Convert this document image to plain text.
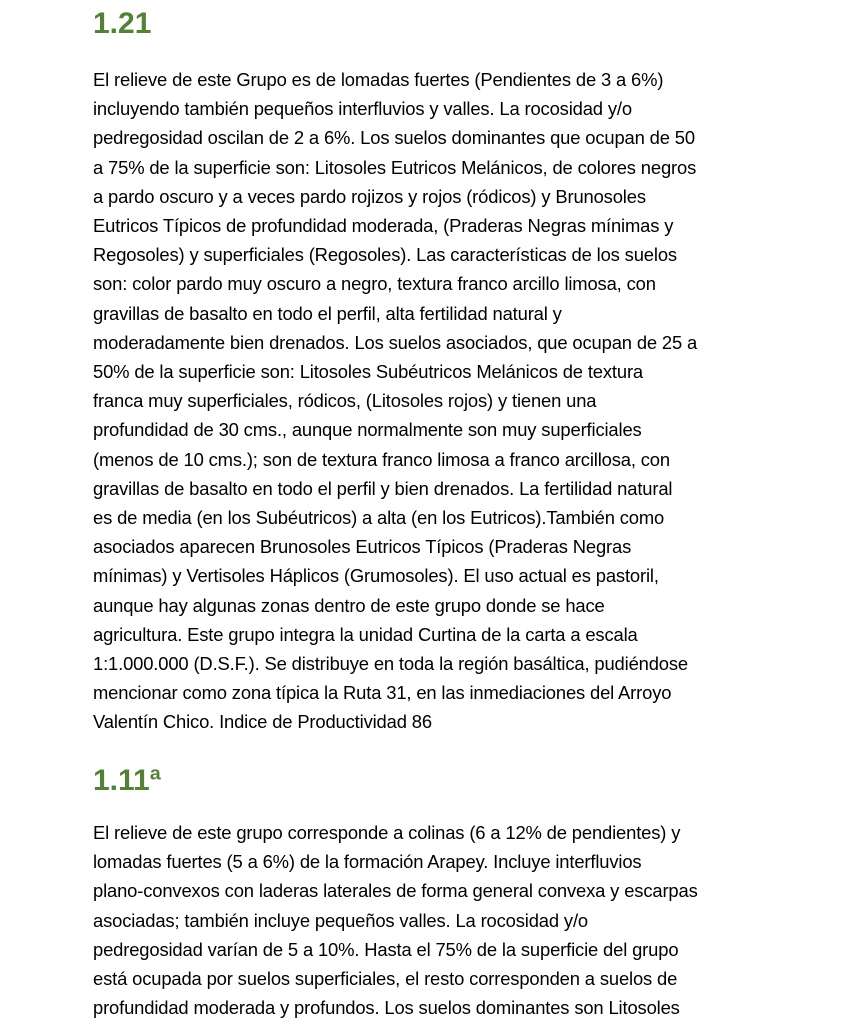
1.21

El relieve de este Grupo es de lomadas fuertes (Pendientes de 3 a 6%)
incluyendo también pequeños interfluvios y valles. La rocosidad y/o
pedregosidad oscilan de 2 a 6%. Los suelos dominantes que ocupan de 50
a 75% de la superficie son: Litosoles Eutricos Melánicos, de colores negros
a pardo oscuro y a veces pardo rojizos y rojos (ródicos) y Brunosoles
Eutricos Típicos de profundidad moderada, (Praderas Negras mínimas y
Regosoles) y superficiales (Regosoles). Las características de los suelos
son: color pardo muy oscuro a negro, textura franco arcillo limosa, con
gravillas de basalto en todo el perfil, alta fertilidad natural y
moderadamente bien drenados. Los suelos asociados, que ocupan de 25 a
50% de la superficie son: Litosoles Subéutricos Melánicos de textura
franca muy superficiales, ródicos, (Litosoles rojos) y tienen una
profundidad de 30 cms., aunque normalmente son muy superficiales
(menos de 10 cms.); son de textura franco limosa a franco arcillosa, con
gravillas de basalto en todo el perfil y bien drenados. La fertilidad natural
es de media (en los Subéutricos) a alta (en los Eutricos).También como
asociados aparecen Brunosoles Eutricos Típicos (Praderas Negras
mínimas) y Vertisoles Háplicos (Grumosoles). El uso actual es pastoril,
aunque hay algunas zonas dentro de este grupo donde se hace
agricultura. Este grupo integra la unidad Curtina de la carta a escala
1:1.000.000 (D.S.F.). Se distribuye en toda la región basáltica, pudiéndose
mencionar como zona típica la Ruta 31, en las inmediaciones del Arroyo
Valentín Chico. Indice de Productividad 86

1.11ª

El relieve de este grupo corresponde a colinas (6 a 12% de pendientes) y
lomadas fuertes (5 a 6%) de la formación Arapey. Incluye interfluvios
plano-convexos con laderas laterales de forma general convexa y escarpas
asociadas; también incluye pequeños valles. La rocosidad y/o
pedregosidad varían de 5 a 10%. Hasta el 75% de la superficie del grupo
está ocupada por suelos superficiales, el resto corresponden a suelos de
profundidad moderada y profundos. Los suelos dominantes son Litosoles
